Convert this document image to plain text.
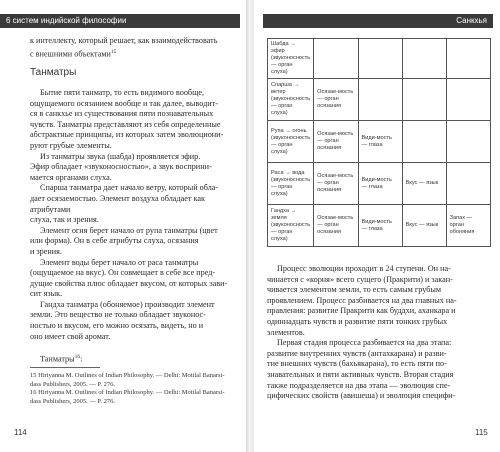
6 систем индийской философии
к интеллекту, который решает, как взаимодействовать
с внешними объектами$^{15}$
Танматры
Бытие пяти танматр, то есть видимого вообще,
ощущаемого осязанием вообще и так далее, выводит-
ся в санкхье из существования пяти познавательных
чувств. Танматры представляют из себя определенные
абстрактные принципы, из которых затем эволюциони-
руют грубые элементы.
Из танматры звука (шабда) проявляется эфир.
Эфир обладает «звуконосностью», а звук восприни-
мается органами слуха.
Спаршa танматра дает начало ветру, который обла-
дает осязаемостью. Элемент воздуха обладает как атрибутами
слуха, так и зрения.
Элемент огня берет начало от рупа танматры (цвет
или форма). Он в себе атрибуты слуха, осязания
и зрения.
Элемент воды берет начало от раса танматры
(ощущаемое на вкус). Он совмещает в себе все пред-
дущие свойства плюс обладает вкусом, от которых зави-
сит язык.
Гандха танматра (обоняемое) производит элемент
земли. Это вещество не только обладает звуконос-
ностью и вкусом, его можно осязать, видеть, но и
оно имеет свой аромат.
Танматры$^{16}$:
15 Hiriyanna M. Outlines of Indian Philosophy. — Delhi: Motilal Banarsi-
dass Publishers, 2005. — P. 276.
16 Hiriyanna M. Outlines of Indian Philosophy. — Delhi: Motilal Banarsi-
dass Publishers, 2005. — P. 276.
114
Санкхья
Шабда → эфир (звуконосность — орган слуха)				
Спарша → ветер (звуконосность — орган слуха)	Осязае-мость — орган осязания			
Рупа → огонь (звуконосность — орган слуха)	Осязае-мость — орган осязания	Види-мость — глаза		
Раса → вода (звуконосность — орган слуха)	Осязае-мость — орган осязания	Види-мость — глаза	Вкус — язык	
Гандха → земля (звуконосность — орган слуха)	Осязае-мость — орган осязания	Види-мость — глаза	Вкус — язык	Запах — орган обоняния
Процесс эволюции проходит в 24 ступени. Он на-
чинается с «корня» всего сущего (Пракрити) и закан-
чивается элементом земли, то есть самым грубым
проявлением. Процесс разбивается на два главных на-
правления: развитие Пракрити как буддхи, аханкара и
одиннадцать чувств и развитие пяти тонких грубых
элементов.
Первая стадия процесса разбивается на два этапа:
развитие внутренних чувств (антахкарана) и разви-
тие внешних чувств (бахьякарана), то есть пяти по-
знавательных и пяти активных чувств. Вторая стадия
также подразделяется на два этапа — эволюция спе-
цифических свойств (авишеша) и эволюция специфи-
115
